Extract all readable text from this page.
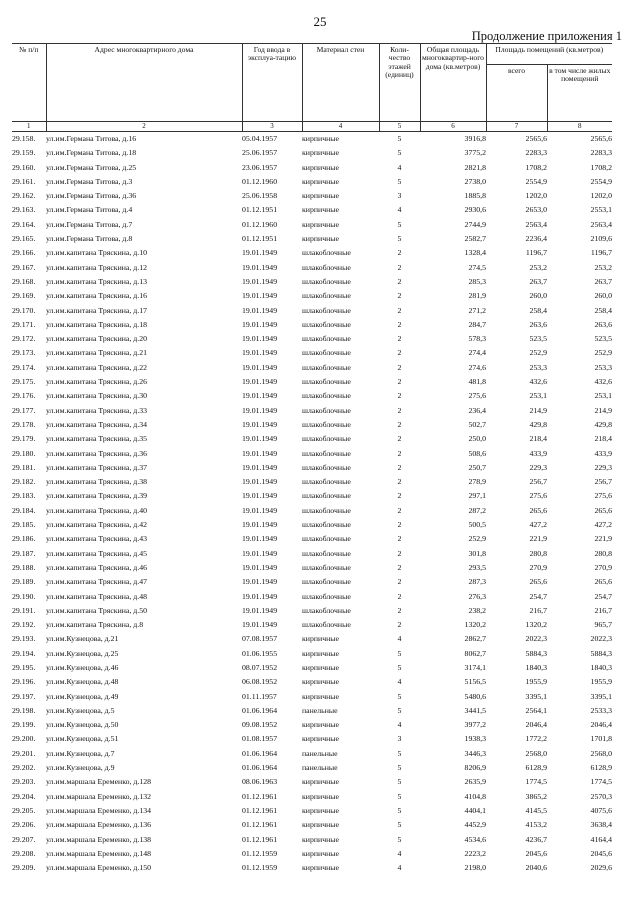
25
Продолжение приложения 1
№ п/п	Адрес многоквартирного дома	Год ввода в эксплуа-тацию	Материал стен	Коли-чество этажей (единиц)	Общая площадь многоквартир-ного дома (кв.метров)	Площадь помещений (кв.метров)	
						всего	в том числе жилых помещений
1	2	3	4	5	6	7	8
29.158.	ул.им.Германа Титова, д.16	05.04.1957	кирпичные	5	3916,8	2565,6	2565,6
29.159.	ул.им.Германа Титова, д.18	25.06.1957	кирпичные	5	3775,2	2283,3	2283,3
29.160.	ул.им.Германа Титова, д.25	23.06.1957	кирпичные	4	2821,8	1708,2	1708,2
29.161.	ул.им.Германа Титова, д.3	01.12.1960	кирпичные	5	2738,0	2554,9	2554,9
29.162.	ул.им.Германа Титова, д.36	25.06.1958	кирпичные	3	1885,8	1202,0	1202,0
29.163.	ул.им.Германа Титова, д.4	01.12.1951	кирпичные	4	2930,6	2653,0	2553,1
29.164.	ул.им.Германа Титова, д.7	01.12.1960	кирпичные	5	2744,9	2563,4	2563,4
29.165.	ул.им.Германа Титова, д.8	01.12.1951	кирпичные	5	2582,7	2236,4	2109,6
29.166.	ул.им.капитана Тряскина, д.10	19.01.1949	шлакоблочные	2	1328,4	1196,7	1196,7
29.167.	ул.им.капитана Тряскина, д.12	19.01.1949	шлакоблочные	2	274,5	253,2	253,2
29.168.	ул.им.капитана Тряскина, д.13	19.01.1949	шлакоблочные	2	285,3	263,7	263,7
29.169.	ул.им.капитана Тряскина, д.16	19.01.1949	шлакоблочные	2	281,9	260,0	260,0
29.170.	ул.им.капитана Тряскина, д.17	19.01.1949	шлакоблочные	2	271,2	258,4	258,4
29.171.	ул.им.капитана Тряскина, д.18	19.01.1949	шлакоблочные	2	284,7	263,6	263,6
29.172.	ул.им.капитана Тряскина, д.20	19.01.1949	шлакоблочные	2	578,3	523,5	523,5
29.173.	ул.им.капитана Тряскина, д.21	19.01.1949	шлакоблочные	2	274,4	252,9	252,9
29.174.	ул.им.капитана Тряскина, д.22	19.01.1949	шлакоблочные	2	274,6	253,3	253,3
29.175.	ул.им.капитана Тряскина, д.26	19.01.1949	шлакоблочные	2	481,8	432,6	432,6
29.176.	ул.им.капитана Тряскина, д.30	19.01.1949	шлакоблочные	2	275,6	253,1	253,1
29.177.	ул.им.капитана Тряскина, д.33	19.01.1949	шлакоблочные	2	236,4	214,9	214,9
29.178.	ул.им.капитана Тряскина, д.34	19.01.1949	шлакоблочные	2	502,7	429,8	429,8
29.179.	ул.им.капитана Тряскина, д.35	19.01.1949	шлакоблочные	2	250,0	218,4	218,4
29.180.	ул.им.капитана Тряскина, д.36	19.01.1949	шлакоблочные	2	508,6	433,9	433,9
29.181.	ул.им.капитана Тряскина, д.37	19.01.1949	шлакоблочные	2	250,7	229,3	229,3
29.182.	ул.им.капитана Тряскина, д.38	19.01.1949	шлакоблочные	2	278,9	256,7	256,7
29.183.	ул.им.капитана Тряскина, д.39	19.01.1949	шлакоблочные	2	297,1	275,6	275,6
29.184.	ул.им.капитана Тряскина, д.40	19.01.1949	шлакоблочные	2	287,2	265,6	265,6
29.185.	ул.им.капитана Тряскина, д.42	19.01.1949	шлакоблочные	2	500,5	427,2	427,2
29.186.	ул.им.капитана Тряскина, д.43	19.01.1949	шлакоблочные	2	252,9	221,9	221,9
29.187.	ул.им.капитана Тряскина, д.45	19.01.1949	шлакоблочные	2	301,8	280,8	280,8
29.188.	ул.им.капитана Тряскина, д.46	19.01.1949	шлакоблочные	2	293,5	270,9	270,9
29.189.	ул.им.капитана Тряскина, д.47	19.01.1949	шлакоблочные	2	287,3	265,6	265,6
29.190.	ул.им.капитана Тряскина, д.48	19.01.1949	шлакоблочные	2	276,3	254,7	254,7
29.191.	ул.им.капитана Тряскина, д.50	19.01.1949	шлакоблочные	2	238,2	216,7	216,7
29.192.	ул.им.капитана Тряскина, д.8	19.01.1949	шлакоблочные	2	1320,2	1320,2	965,7
29.193.	ул.им.Кузнецова, д.21	07.08.1957	кирпичные	4	2862,7	2022,3	2022,3
29.194.	ул.им.Кузнецова, д.25	01.06.1955	кирпичные	5	8062,7	5884,3	5884,3
29.195.	ул.им.Кузнецова, д.46	08.07.1952	кирпичные	5	3174,1	1840,3	1840,3
29.196.	ул.им.Кузнецова, д.48	06.08.1952	кирпичные	4	5156,5	1955,9	1955,9
29.197.	ул.им.Кузнецова, д.49	01.11.1957	кирпичные	5	5480,6	3395,1	3395,1
29.198.	ул.им.Кузнецова, д.5	01.06.1964	панельные	5	3441,5	2564,1	2533,3
29.199.	ул.им.Кузнецова, д.50	09.08.1952	кирпичные	4	3977,2	2046,4	2046,4
29.200.	ул.им.Кузнецова, д.51	01.08.1957	кирпичные	3	1938,3	1772,2	1701,8
29.201.	ул.им.Кузнецова, д.7	01.06.1964	панельные	5	3446,3	2568,0	2568,0
29.202.	ул.им.Кузнецова, д.9	01.06.1964	панельные	5	8206,9	6128,9	6128,9
29.203.	ул.им.маршала Еременко, д.128	08.06.1963	кирпичные	5	2635,9	1774,5	1774,5
29.204.	ул.им.маршала Еременко, д.132	01.12.1961	кирпичные	5	4104,8	3865,2	2570,3
29.205.	ул.им.маршала Еременко, д.134	01.12.1961	кирпичные	5	4404,1	4145,5	4075,6
29.206.	ул.им.маршала Еременко, д.136	01.12.1961	кирпичные	5	4452,9	4153,2	3638,4
29.207.	ул.им.маршала Еременко, д.138	01.12.1961	кирпичные	5	4534,6	4236,7	4164,4
29.208.	ул.им.маршала Еременко, д.148	01.12.1959	кирпичные	4	2223,2	2045,6	2045,6
29.209.	ул.им.маршала Еременко, д.150	01.12.1959	кирпичные	4	2198,0	2040,6	2029,6
